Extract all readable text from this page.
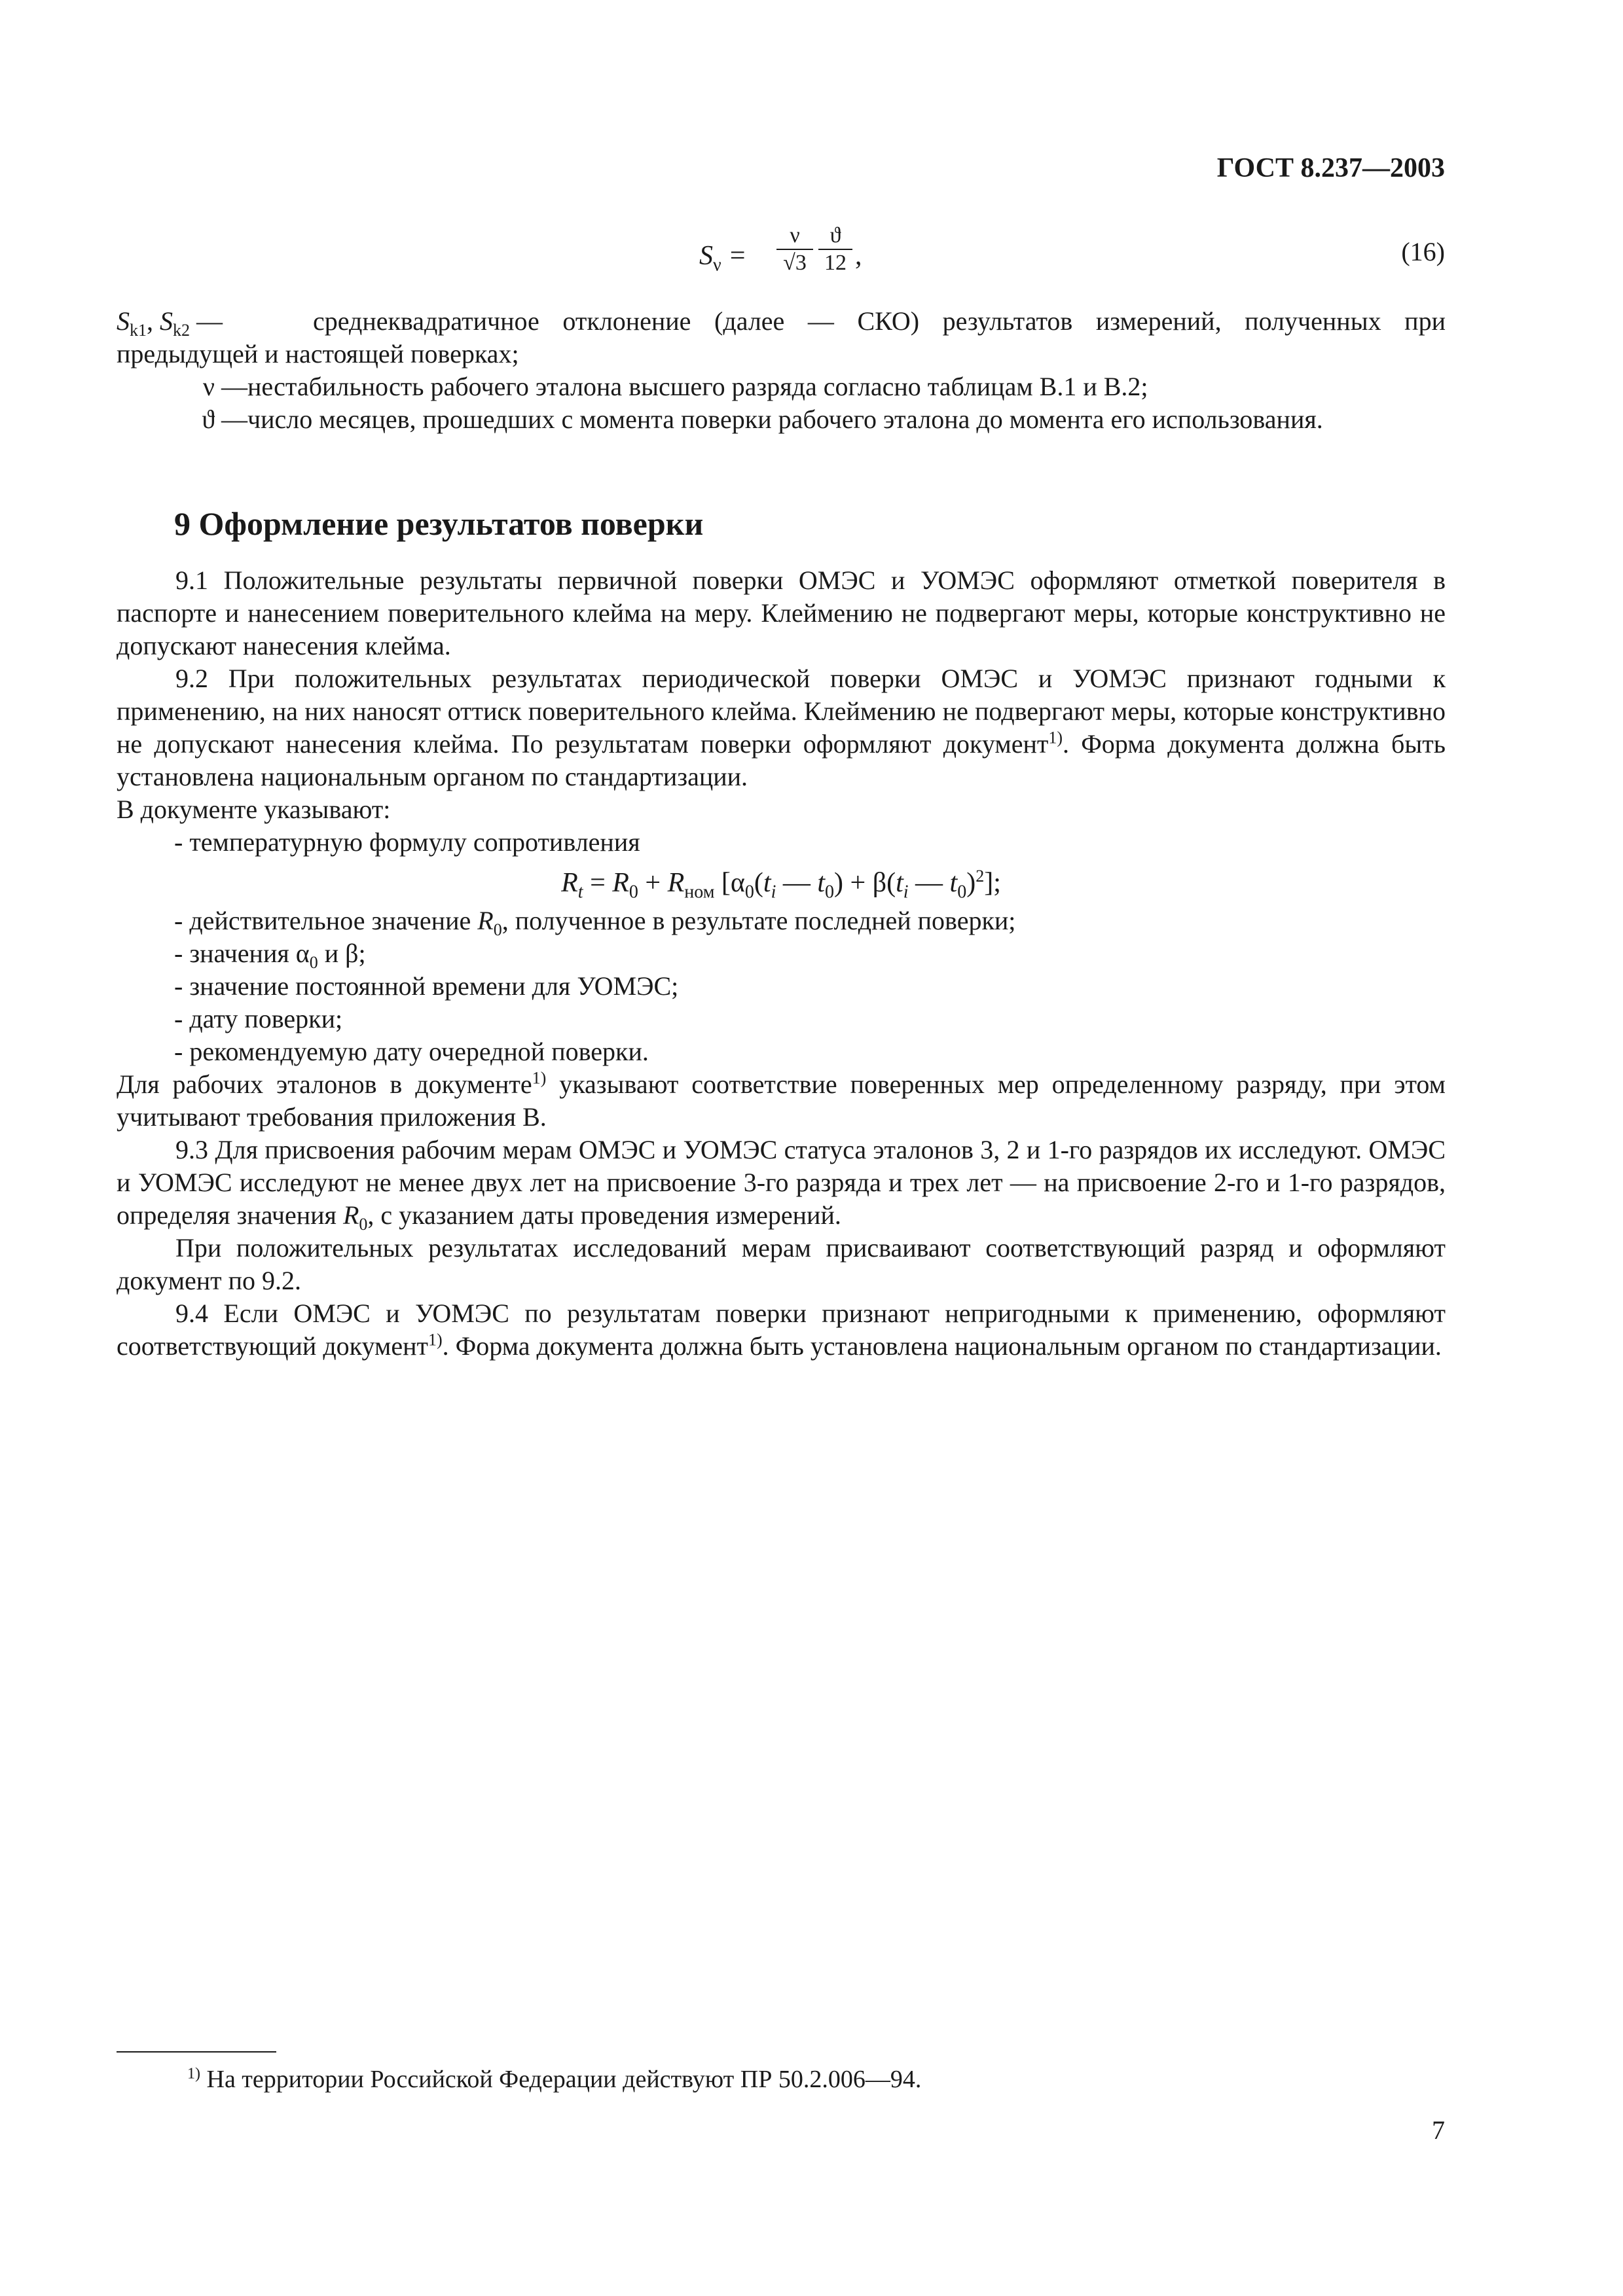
ГОСТ 8.237—2003
$S_\nu = \frac{\nu}{√3} \frac{ϑ}{12}$ ,	(16)
$S_{k1}$, $S_{k2}$ —	среднеквадратичное отклонение (далее — СКО) результатов измерений, полученных при предыдущей и настоящей поверках;
ν — нестабильность рабочего эталона высшего разряда согласно таблицам В.1 и В.2;
ϑ — число месяцев, прошедших с момента поверки рабочего эталона до момента его использования.
9 Оформление результатов поверки

9.1 Положительные результаты первичной поверки ОМЭС и УОМЭС оформляют отметкой поверителя в паспорте и нанесением поверительного клейма на меру. Клеймению не подвергают меры, которые конструктивно не допускают нанесения клейма.

9.2 При положительных результатах периодической поверки ОМЭС и УОМЭС признают годными к применению, на них наносят оттиск поверительного клейма. Клеймению не подвергают меры, которые конструктивно не допускают нанесения клейма. По результатам поверки оформляют документ$^{1)}$. Форма документа должна быть установлена национальным органом по стандартизации.

В документе указывают:

- температурную формулу сопротивления

$R_t = R_0 + R_{ном}$ [$\alpha_0(t_i$ — $t_0) + \beta(t_i$ — $t_0)^2$];

- действительное значение $R_0$, полученное в результате последней поверки;

- значения $\alpha_0$ и β;

- значение постоянной времени для УОМЭС;

- дату поверки;

- рекомендуемую дату очередной поверки.

Для рабочих эталонов в документе$^{1)}$ указывают соответствие поверенных мер определенному разряду, при этом учитывают требования приложения В.

9.3 Для присвоения рабочим мерам ОМЭС и УОМЭС статуса эталонов 3, 2 и 1-го разрядов их исследуют. ОМЭС и УОМЭС исследуют не менее двух лет на присвоение 3-го разряда и трех лет — на присвоение 2-го и 1-го разрядов, определяя значения $R_0$, с указанием даты проведения измерений.

При положительных результатах исследований мерам присваивают соответствующий разряд и оформляют документ по 9.2.

9.4 Если ОМЭС и УОМЭС по результатам поверки признают непригодными к применению, оформляют соответствующий документ$^{1)}$. Форма документа должна быть установлена национальным органом по стандартизации.

$^{1)}$ На территории Российской Федерации действуют ПР 50.2.006—94.
7
